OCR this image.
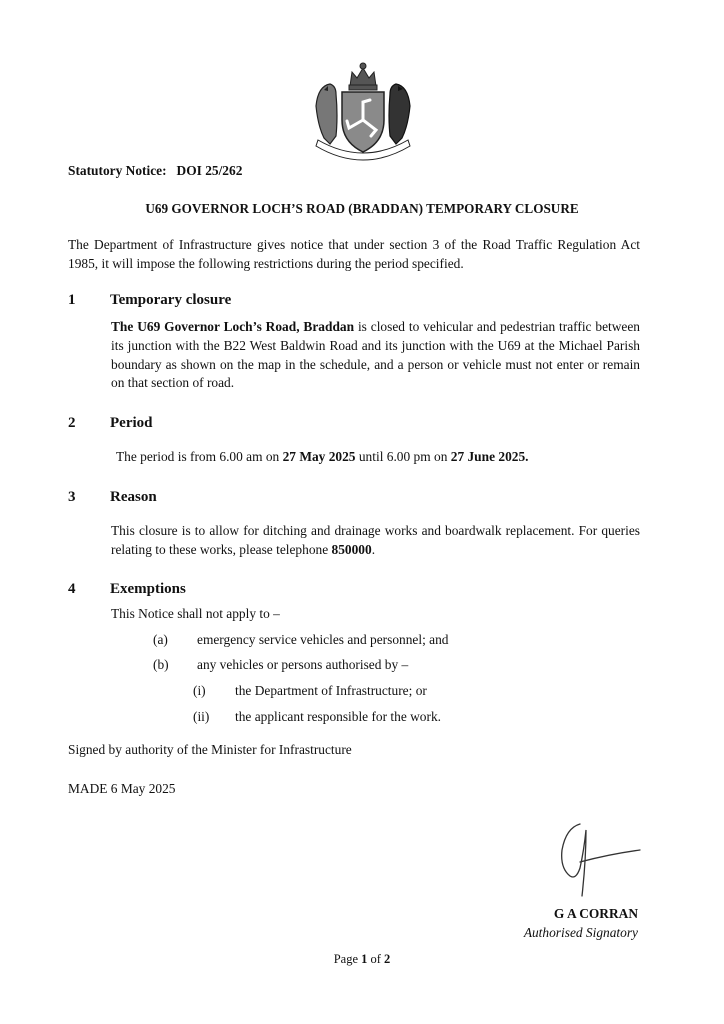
Statutory Notice: DOI 25/262
U69 GOVERNOR LOCH’S ROAD (BRADDAN) TEMPORARY CLOSURE
The Department of Infrastructure gives notice that under section 3 of the Road Traffic Regulation Act 1985, it will impose the following restrictions during the period specified.
1 Temporary closure
The U69 Governor Loch’s Road, Braddan is closed to vehicular and pedestrian traffic between its junction with the B22 West Baldwin Road and its junction with the U69 at the Michael Parish boundary as shown on the map in the schedule, and a person or vehicle must not enter or remain on that section of road.
2 Period
The period is from 6.00 am on 27 May 2025 until 6.00 pm on 27 June 2025.
3 Reason
This closure is to allow for ditching and drainage works and boardwalk replacement. For queries relating to these works, please telephone 850000.
4 Exemptions
This Notice shall not apply to –
(a) emergency service vehicles and personnel; and
(b) any vehicles or persons authorised by –
(i) the Department of Infrastructure; or
(ii) the applicant responsible for the work.
Signed by authority of the Minister for Infrastructure
MADE 6 May 2025
G A CORRAN
Authorised Signatory
Page 1 of 2
